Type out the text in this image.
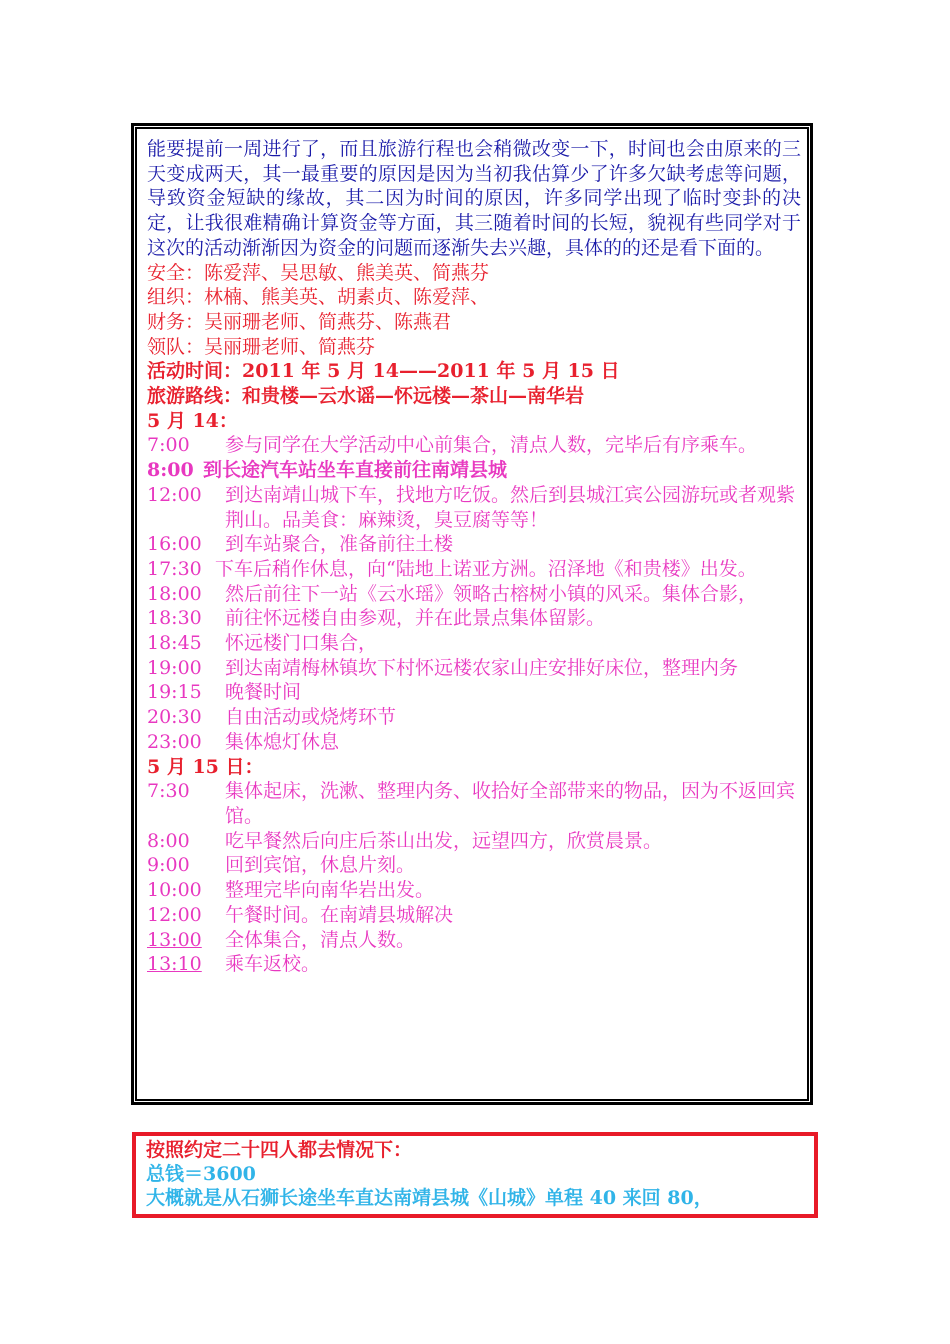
能要提前一周进行了，而且旅游行程也会稍微改变一下，时间也会由原来的三天变成两天，其一最重要的原因是因为当初我估算少了许多欠缺考虑等问题，导致资金短缺的缘故，其二因为时间的原因，许多同学出现了临时变卦的决定，让我很难精确计算资金等方面，其三随着时间的长短，貌视有些同学对于这次的活动渐渐因为资金的问题而逐渐失去兴趣，具体的的还是看下面的。
安全：陈爱萍、吴思敏、熊美英、简燕芬
组织：林楠、熊美英、胡素贞、陈爱萍、
财务：吴丽珊老师、简燕芬、陈燕君
领队：吴丽珊老师、简燕芬
活动时间：2011 年 5 月 14——2011 年 5 月 15 日
旅游路线：和贵楼—云水谣—怀远楼—茶山—南华岩
5 月 14：
7:00	参与同学在大学活动中心前集合，清点人数，完毕后有序乘车。
8:00 到长途汽车站坐车直接前往南靖县城
12:00	到达南靖山城下车，找地方吃饭。然后到县城江宾公园游玩或者观紫荆山。品美食：麻辣烫，臭豆腐等等！
16:00	到车站聚合，准备前往土楼
17:30 下车后稍作休息，向“陆地上诺亚方洲。沼泽地《和贵楼》出发。
18:00	然后前往下一站《云水瑶》领略古榕树小镇的风采。集体合影，
18:30	前往怀远楼自由参观，并在此景点集体留影。
18:45	怀远楼门口集合，
19:00	到达南靖梅林镇坎下村怀远楼农家山庄安排好床位，整理内务
19:15	晚餐时间
20:30	自由活动或烧烤环节
23:00	集体熄灯休息
5 月 15 日：
7:30	集体起床，洗漱、整理内务、收拾好全部带来的物品，因为不返回宾馆。
8:00	吃早餐然后向庄后茶山出发，远望四方，欣赏晨景。
9:00	回到宾馆，休息片刻。
10:00	整理完毕向南华岩出发。
12:00	午餐时间。在南靖县城解决
13:00	全体集合，清点人数。
13:10	乘车返校。
按照约定二十四人都去情况下：
总钱＝3600
大概就是从石狮长途坐车直达南靖县城《山城》单程 40 来回 80，
